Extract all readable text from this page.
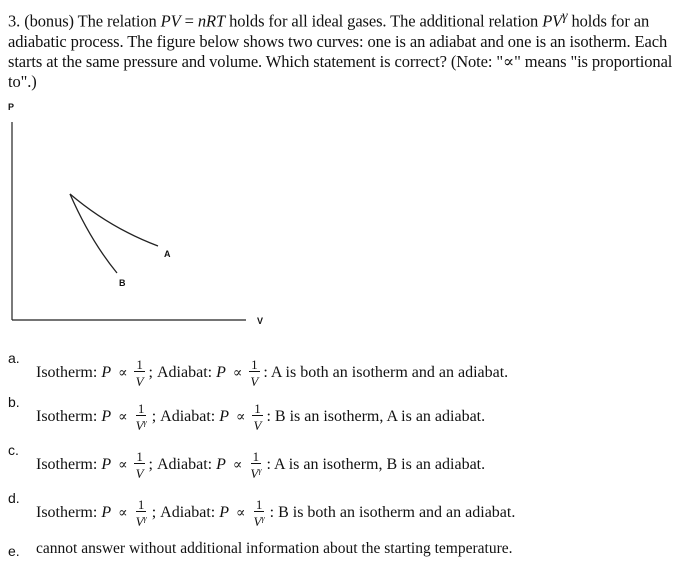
3. (bonus) The relation PV = nRT holds for all ideal gases. The additional relation $PV^\gamma$ holds for an adiabatic process. The figure below shows two curves: one is an adiabat and one is an isotherm. Each starts at the same pressure and volume. Which statement is correct? (Note: "∝" means "is proportional to".)
P
V
A
B
a.
Isotherm: $P \propto \frac{1}{V}$ ; Adiabat: $P \propto \frac{1}{V}$ : A is both an isotherm and an adiabat.
b.
Isotherm: $P \propto \frac{1}{V^\gamma}$ ; Adiabat: $P \propto \frac{1}{V}$ : B is an isotherm, A is an adiabat.
c.
Isotherm: $P \propto \frac{1}{V}$ ; Adiabat: $P \propto \frac{1}{V^\gamma}$ : A is an isotherm, B is an adiabat.
d.
Isotherm: $P \propto \frac{1}{V^\gamma}$ ; Adiabat: $P \propto \frac{1}{V^\gamma}$ : B is both an isotherm and an adiabat.
e. cannot answer without additional information about the starting temperature.
